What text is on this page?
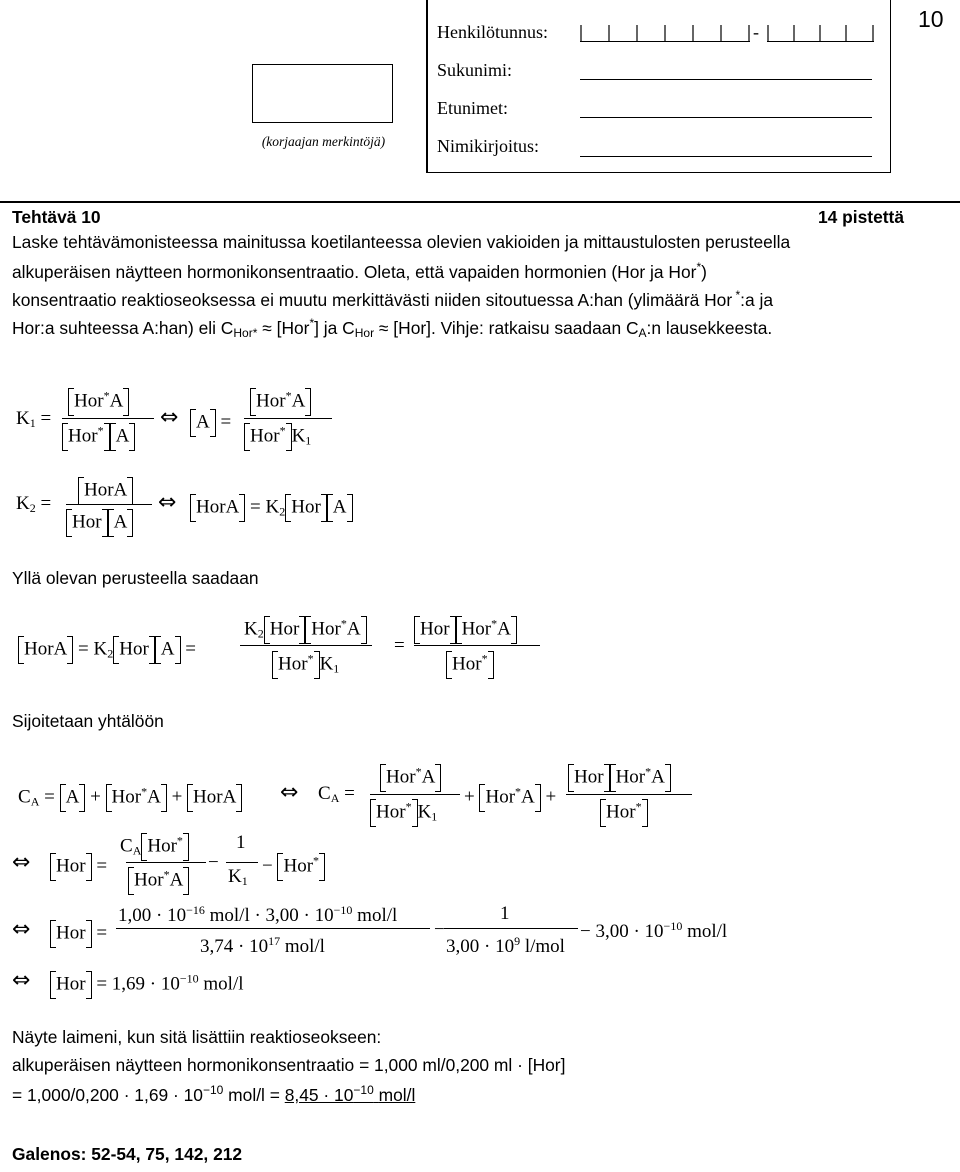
(korjaajan merkintöjä)
Henkilötunnus:	-
Sukunimi:
Etunimet:
Nimikirjoitus:
10
Tehtävä 10	14 pistettä
Laske tehtävämonisteessa mainitussa koetilanteessa olevien vakioiden ja mittaustulosten perusteella
alkuperäisen näytteen hormonikonsentraatio. Oleta, että vapaiden hormonien (Hor ja Hor*)
konsentraatio reaktioseoksessa ei muutu merkittävästi niiden sitoutuessa A:han (ylimäärä Hor *:a ja
Hor:a suhteessa A:han) eli $C_{Hor*} \approx [Hor^*]$ ja $C_{Hor} \approx [Hor]$. Vihje: ratkaisu saadaan $C_A:n$ lausekkeesta.
$K_1$ =
Hor*A
Hor* A
⇔ A =
Hor*A
Hor* $K_1$
$K_2$ =
HorA
Hor A
⇔	HorA = $K_2$ Hor A
Yllä olevan perusteella saadaan
HorA = $K_2$ Hor A =
$K_2$ Hor Hor*A
Hor* $K_1$
=
Hor Hor*A
Hor*
Sijoitetaan yhtälöön
$C_A = A + Hor^*A$ + HorA ⇔ $C_A$ =
Hor*A
Hor* $K_1$
+ Hor*A +
Hor Hor*A
Hor*
⇔	Hor =
$C_A$ Hor*
Hor*A
−
1
$K_1$
− Hor*
⇔	Hor =
$1,00 \cdot 10^{-16}$ $mol/l \cdot 3,00 \cdot 10^{-10}$ mol/l
$3,74 \cdot 10^{17}$ mol/l
−
1
$3,00 \cdot 10^9$ l/mol
− $3,00 \cdot 10^{-10}$ mol/l
⇔	Hor = $1,69 \cdot 10^{-10}$ mol/l
Näyte laimeni, kun sitä lisättiin reaktioseokseen:
alkuperäisen näytteen hormonikonsentraatio = 1,000 ml/0,200 ml · [Hor]
= $1,000/0,200 \cdot 1,69 \cdot 10^{-10}$ $mol/l = 8,45 \cdot 10^{-10}$ mol/l
Galenos: 52-54, 75, 142, 212
